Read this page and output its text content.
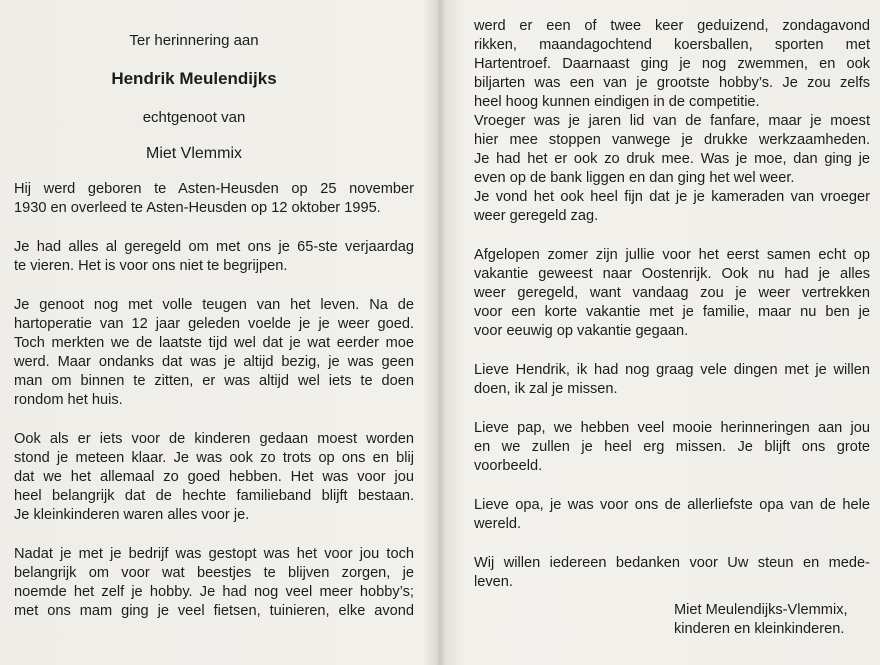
Ter herinnering aan
Hendrik Meulendijks
echtgenoot van
Miet Vlemmix
Hij werd geboren te Asten-Heusden op 25 november
1930 en overleed te Asten-Heusden op 12 oktober 1995.
Je had alles al geregeld om met ons je 65-ste verjaardag
te vieren. Het is voor ons niet te begrijpen.
Je genoot nog met volle teugen van het leven. Na de
hartoperatie van 12 jaar geleden voelde je je weer goed.
Toch merkten we de laatste tijd wel dat je wat eerder moe
werd. Maar ondanks dat was je altijd bezig, je was geen
man om binnen te zitten, er was altijd wel iets te doen
rondom het huis.
Ook als er iets voor de kinderen gedaan moest worden
stond je meteen klaar. Je was ook zo trots op ons en blij
dat we het allemaal zo goed hebben. Het was voor jou
heel belangrijk dat de hechte familieband blijft bestaan.
Je kleinkinderen waren alles voor je.
Nadat je met je bedrijf was gestopt was het voor jou toch
belangrijk om voor wat beestjes te blijven zorgen, je
noemde het zelf je hobby. Je had nog veel meer hobby’s;
met ons mam ging je veel fietsen, tuinieren, elke avond
werd er een of twee keer geduizend, zondagavond
rikken, maandagochtend koersballen, sporten met
Hartentroef. Daarnaast ging je nog zwemmen, en ook
biljarten was een van je grootste hobby’s. Je zou zelfs
heel hoog kunnen eindigen in de competitie.
Vroeger was je jaren lid van de fanfare, maar je moest
hier mee stoppen vanwege je drukke werkzaamheden.
Je had het er ook zo druk mee. Was je moe, dan ging je
even op de bank liggen en dan ging het wel weer.
Je vond het ook heel fijn dat je je kameraden van vroeger
weer geregeld zag.
Afgelopen zomer zijn jullie voor het eerst samen echt op
vakantie geweest naar Oostenrijk. Ook nu had je alles
weer geregeld, want vandaag zou je weer vertrekken
voor een korte vakantie met je familie, maar nu ben je
voor eeuwig op vakantie gegaan.
Lieve Hendrik, ik had nog graag vele dingen met je willen
doen, ik zal je missen.
Lieve pap, we hebben veel mooie herinneringen aan jou
en we zullen je heel erg missen. Je blijft ons grote
voorbeeld.
Lieve opa, je was voor ons de allerliefste opa van de hele
wereld.
Wij willen iedereen bedanken voor Uw steun en mede-
leven.
Miet Meulendijks-Vlemmix,
kinderen en kleinkinderen.
